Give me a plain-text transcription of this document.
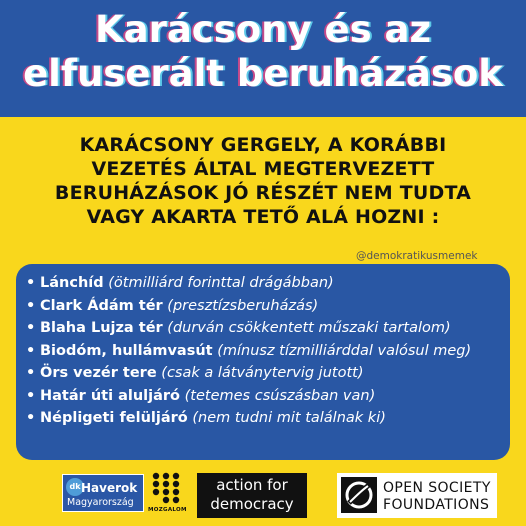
Karácsony és az
elfuserált beruházások
KARÁCSONY GERGELY, A KORÁBBI VEZETÉS ÁLTAL MEGTERVEZETT BERUHÁZÁSOK JÓ RÉSZÉT NEM TUDTA VAGY AKARTA TETŐ ALÁ HOZNI :
@demokratikusmemek
• Lánchíd (ötmilliárd forinttal drágábban)
• Clark Ádám tér (presztízsberuházás)
• Blaha Lujza tér (durván csökkentett műszaki tartalom)
• Biodóm, hullámvasút (mínusz tízmilliárddal valósul meg)
• Örs vezér tere (csak a látványtervig jutott)
• Határ úti aluljáró (tetemes csúszásban van)
• Népligeti felüljáró (nem tudni mit találnak ki)
dk Haverok
Magyarország
MOZGALOM
action for
democracy
OPEN SOCIETY
FOUNDATIONS
